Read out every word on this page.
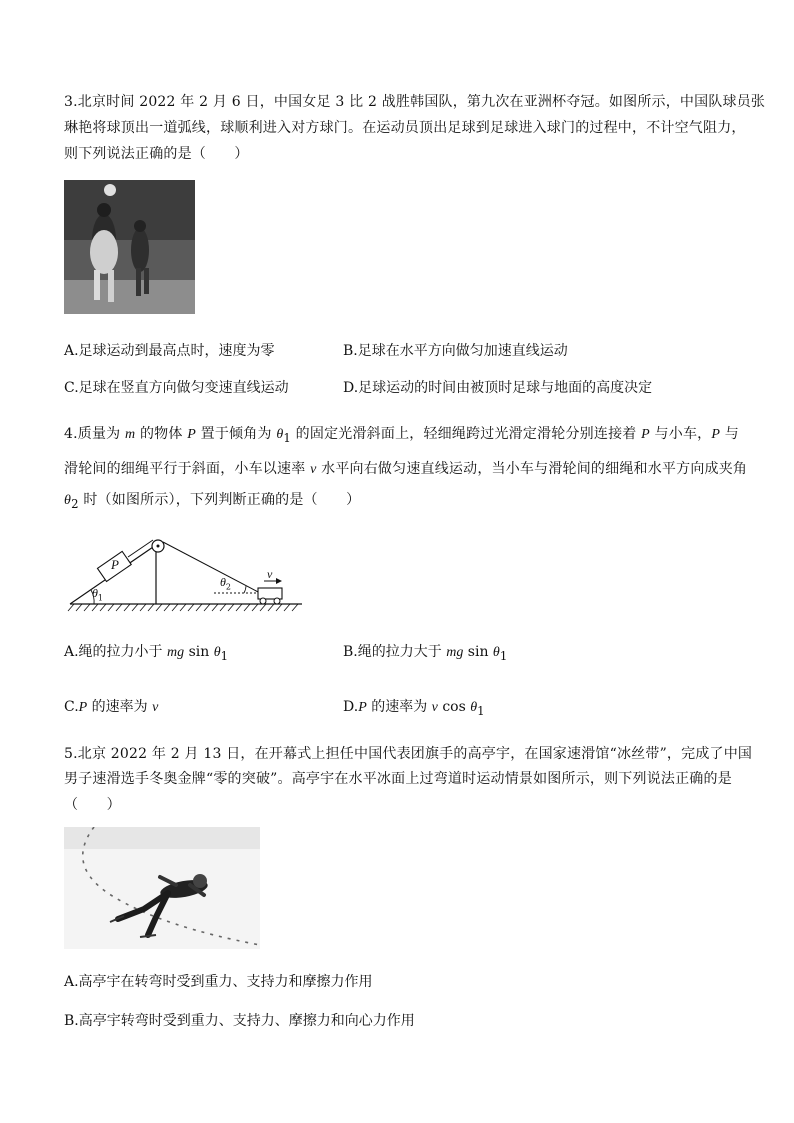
3.北京时间 2022 年 2 月 6 日，中国女足 3 比 2 战胜韩国队，第九次在亚洲杯夺冠。如图所示，中国队球员张
琳艳将球顶出一道弧线，球顺利进入对方球门。在运动员顶出足球到足球进入球门的过程中，不计空气阻力，
则下列说法正确的是（　　）
A.足球运动到最高点时，速度为零	B.足球在水平方向做匀加速直线运动
C.足球在竖直方向做匀变速直线运动	D.足球运动的时间由被顶时足球与地面的高度决定
4.质量为 m 的物体 P 置于倾角为 $\theta_1$ 的固定光滑斜面上，轻细绳跨过光滑定滑轮分别连接着 P 与小车，P 与
滑轮间的细绳平行于斜面，小车以速率 v 水平向右做匀速直线运动，当小车与滑轮间的细绳和水平方向成夹角
$\theta_2$ 时（如图所示），下列判断正确的是（　　）
P
$\theta_1$
$\theta_2$
v
A.绳的拉力小于 mg $\sin \theta_1$	B.绳的拉力大于 mg $\sin \theta_1$
C.P 的速率为 v	D.P 的速率为 v $\cos \theta_1$
5.北京 2022 年 2 月 13 日，在开幕式上担任中国代表团旗手的高亭宇，在国家速滑馆“冰丝带”，完成了中国
男子速滑选手冬奥金牌“零的突破”。高亭宇在水平冰面上过弯道时运动情景如图所示，则下列说法正确的是
（　　）
A.高亭宇在转弯时受到重力、支持力和摩擦力作用
B.高亭宇转弯时受到重力、支持力、摩擦力和向心力作用
